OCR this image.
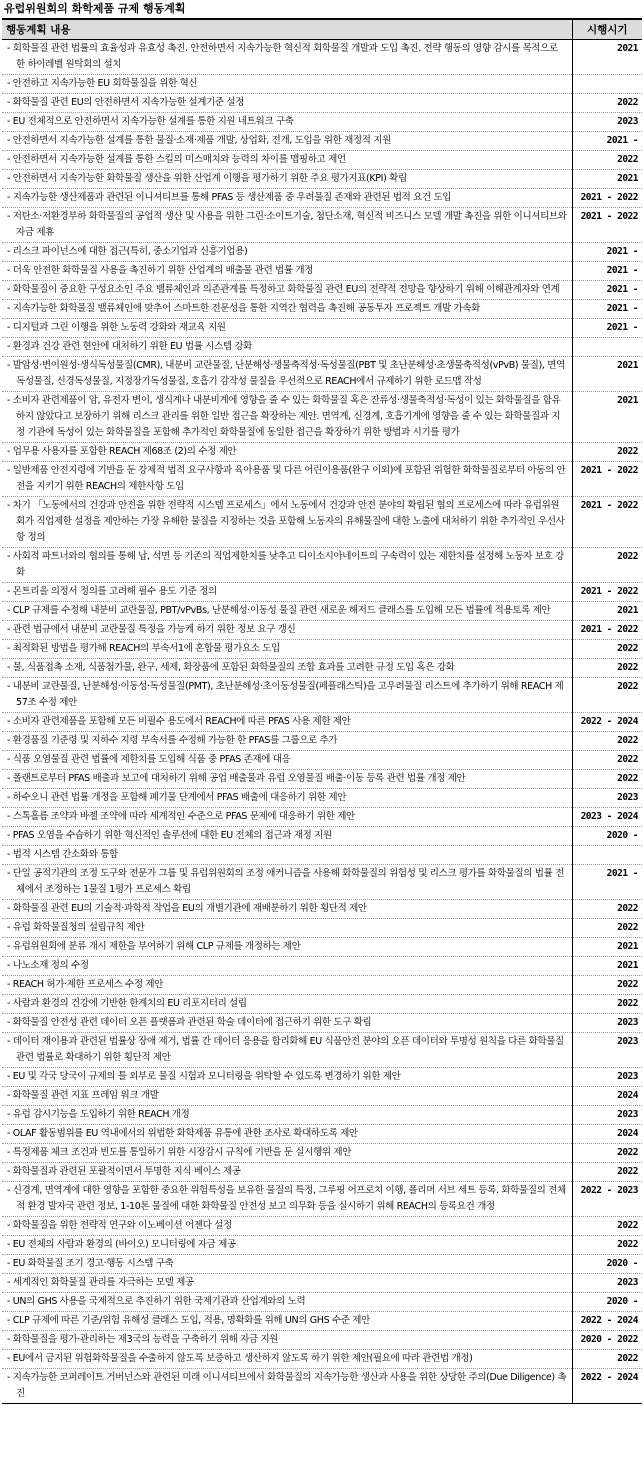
유럽위원회의 화학제품 규제 행동계획
행동계획 내용	시행시기
- 회학물질 관련 법률의 효율성과 유효성 촉진. 안전하면서 지속가능한 혁신적 회학물질 개발과 도입 촉진. 전략 행동의 영향 감시를 목적으로 한 하이레벨 원탁회의 설치	2021
- 안전하고 지속가능한 EU 회학물질을 위한 혁신	
- 화학물질 관련 EU의 안전하면서 지속가능한 설계기준 설정	2022
- EU 전체적으로 안전하면서 지속가능한 설계를 통한 지원 네트워크 구축	2023
- 안전하면서 지속가능한 설계를 통한 물질·소재·제품 개발, 상업화, 전개, 도입을 위한 재정적 지원	2021 -
- 안전하면서 지속가능한 설계를 통한 스킬의 미스매치와 능력의 차이를 맵핑하고 제언	2022
- 안전하면서 지속가능한 화학물질 생산을 위한 산업계 이행을 평가하기 위한 주요 평가지표(KPI) 확립	2021
- 지속가능한 생산제품과 관련된 이니셔티브를 통해 PFAS 등 생산제품 중 우려물질 존재와 관련된 법적 요건 도입	2021 - 2022
- 저탄소·저환경부하 화학물질의 공업적 생산 및 사용을 위한 그린·소이트기술, 첨단소재, 혁신적 비즈니스 모델 개발 촉진을 위한 이니셔티브와 자금 제휴	2021 - 2022
- 리스크 파이넌스에 대한 접근(특히, 중소기업과 신흥기업용)	2021 -
- 더욱 안전한 화학물질 사용을 촉진하기 위한 산업계의 배출물 관련 법률 개정	2021 -
- 화학물질이 중요한 구성요소인 주요 밸류체인과 의존관계를 특정하고 화학물질 관련 EU의 전략적 전망을 향상하기 위해 이해관계자와 연계	2021 -
- 지속가능한 화학물질 밸류체인에 맞추어 스마트한 전문성을 통한 지역간 협력을 촉진해 공동투자 프로젝트 개발 가속화	2021 -
- 디지털과 그린 이행을 위한 노동력 강화와 재교육 지원	2021 -
- 환경과 건강 관련 현안에 대처하기 위한 EU 법률 시스템 강화	
- 발암성·변이원성·생식독성물질(CMR), 내분비 교란물질, 난분해성·생물축적성·독성물질(PBT 및 초난분해성·초생물축적성(vPvB) 물질), 면역독성물질, 신경독성물질, 지정장기독성물질, 호흡기 감작성 물질을 우선적으로 REACH에서 규제하기 위한 로드맵 작성	2021
- 소비자 관련제품이 암, 유전자 변이, 생식계나 내분비계에 영향을 줄 수 있는 화학물질 혹은 잔류성·생물축적성·독성이 있는 화학물질을 함유하지 않았다고 보장하기 위해 리스크 관리를 위한 일반 접근을 확장하는 제안. 면역계, 신경계, 호흡기계에 영향을 줄 수 있는 화학물질과 지정 기관에 독성이 있는 화학물질을 포함해 추가적인 화학물질에 동일한 접근을 확장하기 위한 방법과 시기를 평가	2021
- 업무용 사용자를 포함한 REACH 제68조 (2)의 수정 제안	2022
- 일반제품 안전지령에 기반을 둔 강제적 법적 요구사항과 육아용품 및 다른 어린이용품(완구 이외)에 포함된 위험한 화학물질로부터 아동의 안전을 지키기 위한 REACH의 제한사항 도입	2021 - 2022
- 차기 「노동에서의 건강과 안전을 위한 전략적 시스템 프로세스」에서 노동에서 건강과 안전 분야의 확립된 협의 프로세스에 따라 유럽위원회가 직업제한 설정을 제안하는 가장 유해한 물질을 지정하는 것을 포함해 노동자의 유해물질에 대한 노출에 대처하기 위한 추가적인 우선사항 정의	2021 - 2022
- 사회적 파트너와의 협의를 통해 납, 석면 등 기존의 직업제한치를 낮추고 디이소시아네이트의 구속력이 있는 제한치를 설정해 노동자 보호 강화	2022
- 몬트리올 의정서 정의를 고려해 필수 용도 기준 정의	2021 - 2022
- CLP 규제를 수정해 내분비 교란물질, PBT/vPvBs, 난분해성·이동성 물질 관련 새로운 해저드 클래스를 도입해 모든 법률에 적용토록 제안	2021
- 관련 법규에서 내분비 교란물질 특정을 가능케 하기 위한 정보 요구 갱신	2021 - 2022
- 최적화된 방법을 평가해 REACH의 부속서1에 혼합물 평가요소 도입	2022
- 물, 식품접촉 소재, 식품첨가물, 완구, 세제, 화장품에 포함된 화학물질의 조합 효과를 고려한 규정 도입 혹은 강화	2022
- 내분비 교란물질, 난분해성·이동성·독성물질(PMT), 초난분해성·초이동성물질(페플래스틱)을 고우려물질 리스트에 추가하기 위해 REACH 제57조 수정 제안	2022
- 소비자 관련제품을 포함해 모든 비필수 용도에서 REACH에 따른 PFAS 사용 제한 제안	2022 - 2024
- 환경품질 기준령 및 지하수 지령 부속서를 수정해 가능한 한 PFAS를 그룹으로 추가	2022
- 식품 오염물질 관련 법률에 제한치를 도입해 식품 중 PFAS 존재에 대응	2022
- 폴랜트로부터 PFAS 배출과 보고에 대처하기 위해 공업 배출물과 유럽 오염물질 배출·이동 등록 관련 법률 개정 제안	2022
- 하수오니 관련 법률 개정을 포함해 폐기물 단계에서 PFAS 배출에 대응하기 위한 제안	2023
- 스톡홀름 조약과 바젤 조약에 따라 세계적인 수준으로 PFAS 문제에 대응하기 위한 제안	2023 - 2024
- PFAS 오염을 수습하기 위한 혁신적인 솔루션에 대한 EU 전체의 접근과 재정 지원	2020 -
- 법적 시스템 간소화와 통합	
- 단일 공적기관의 조정 도구와 전문가 그룹 및 유럽위원회의 조정 애커니즘을 사용해 화학물질의 위험성 및 리스크 평가를 화학물질의 법률 전체에서 조정하는 1물질 1평가 프로세스 확립	2021 -
- 화학물질 관련 EU의 기술적·과학적 작업을 EU의 개별기관에 재배분하기 위한 횡단적 제안	2022
- 유럽 화학물질청의 설립규칙 제안	2022
- 유럽위원회에 분류 개시 제한을 부여하기 위해 CLP 규제를 개정하는 제안	2021
- 나노소재 정의 수정	2021
- REACH 허가·제한 프로세스 수정 제안	2022
- 사람과 환경의 건강에 기반한 한계치의 EU 리포지터리 설립	2022
- 화학물질 안전성 관련 데이터 오픈 플랫폼과 관련된 학술 데이터에 접근하기 위한 도구 확립	2023
- 데이터 재이용과 관련된 법률상 장애 제거, 법률 간 데이터 응용을 합리화해 EU 식품안전 분야의 오픈 데이터와 투명성 원칙을 다른 화학물질 관련 법률로 확대하기 위한 횡단적 제안	2023
- EU 및 각국 당국이 규제의 틀 외부로 물질 시험과 모니터링을 위탁할 수 있도록 변경하기 위한 제안	2023
- 화학물질 관련 지표 프레임 워크 개발	2024
- 유럽 감시기능을 도입하기 위한 REACH 개정	2023
- OLAF 활동범위를 EU 역내에서의 위법한 화학제품 유통에 관한 조사로 확대하도록 제안	2024
- 특정제품 체크 조건과 빈도를 통일하기 위한 시장감시 규칙에 기반을 둔 실시행위 제안	2022
- 화학물질과 관련된 포괄적이면서 투명한 지식 베이스 제공	2022
- 신경계, 면역계에 대한 영향을 포함한 중요한 위험특성을 보유한 물질의 특정, 그루핑 어프로치 이행, 폴리머 서브 세트 등록. 화학물질의 전체적 환경 발자국 관련 정보, 1-10톤 물질에 대한 화학물질 안전성 보고 의무화 등을 실시하기 위해 REACH의 등록요건 개정	2022 - 2023
- 화학물질을 위한 전략적 연구와 이노베이션 어젠다 설정	2022
- EU 전체의 사람과 환경의 (바이오) 모니터링에 자금 제공	2022
- EU 화학물질 조기 경고·행동 시스템 구축	2020 -
- 세계적인 화학물질 관리를 자극하는 모델 제공	2023
- UN의 GHS 사용을 국제적으로 추진하기 위한 국제기관과 산업계와의 노력	2020 -
- CLP 규제에 따른 기준/위험 유해성 클래스 도입, 적용, 명확화를 위해 UN의 GHS 수준 제안	2022 - 2024
- 화학물질을 평가·관리하는 제3국의 능력을 구축하기 위해 자금 지원	2020 - 2022
- EU에서 금지된 위험화학물질을 수출하지 않도록 보증하고 생산하지 않도록 하기 위한 제안(필요에 따라 관련법 개정)	2022
- 지속가능한 코퍼레이트 거버넌스와 관련된 미래 이니셔티브에서 화학물질의 지속가능한 생산과 사용을 위한 상당한 주의(Due Diligence) 촉진	2022 - 2024
